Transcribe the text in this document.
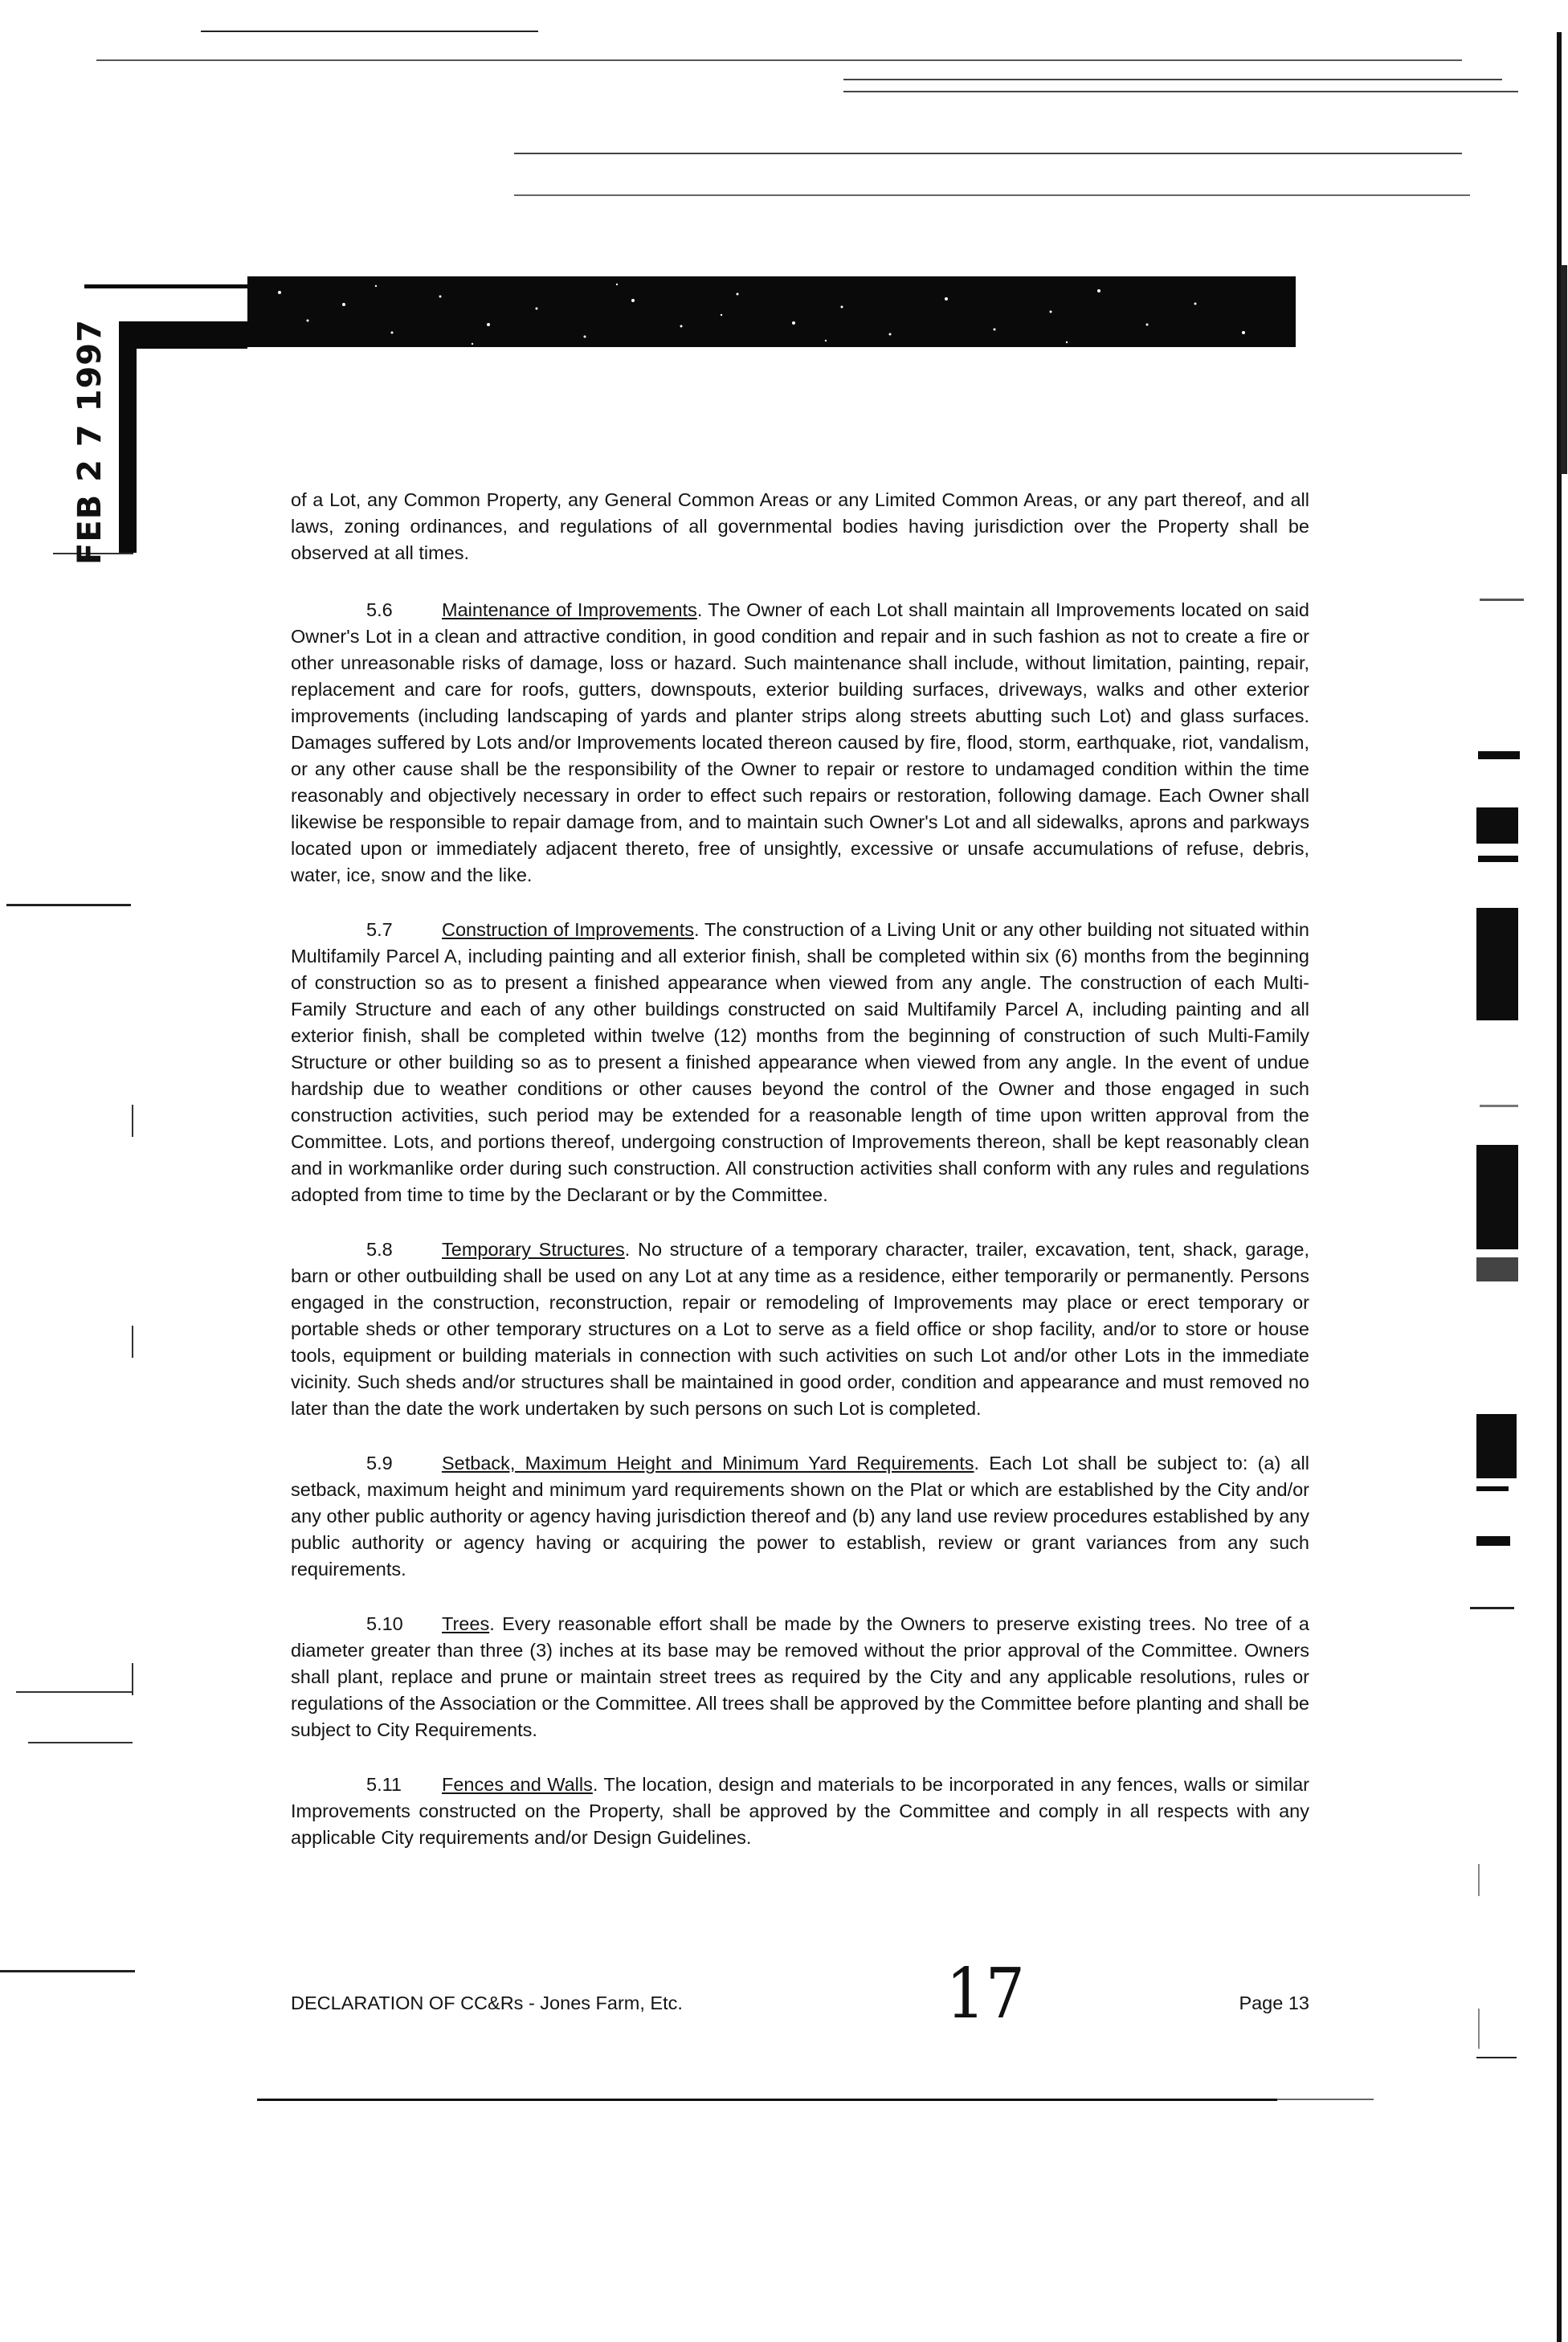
FEB 2 7 1997	of a Lot, any Common Property, any General Common Areas or any Limited Common Areas, or any part thereof, and all laws, zoning ordinances, and regulations of all governmental bodies having jurisdiction over the Property shall be observed at all times.

5.6	Maintenance of Improvements. The Owner of each Lot shall maintain all Improvements located on said Owner's Lot in a clean and attractive condition, in good condition and repair and in such fashion as not to create a fire or other unreasonable risks of damage, loss or hazard. Such maintenance shall include, without limitation, painting, repair, replacement and care for roofs, gutters, downspouts, exterior building surfaces, driveways, walks and other exterior improvements (including landscaping of yards and planter strips along streets abutting such Lot) and glass surfaces. Damages suffered by Lots and/or Improvements located thereon caused by fire, flood, storm, earthquake, riot, vandalism, or any other cause shall be the responsibility of the Owner to repair or restore to undamaged condition within the time reasonably and objectively necessary in order to effect such repairs or restoration, following damage. Each Owner shall likewise be responsible to repair damage from, and to maintain such Owner's Lot and all sidewalks, aprons and parkways located upon or immediately adjacent thereto, free of unsightly, excessive or unsafe accumulations of refuse, debris, water, ice, snow and the like.

5.7	Construction of Improvements. The construction of a Living Unit or any other building not situated within Multifamily Parcel A, including painting and all exterior finish, shall be completed within six (6) months from the beginning of construction so as to present a finished appearance when viewed from any angle. The construction of each Multi-Family Structure and each of any other buildings constructed on said Multifamily Parcel A, including painting and all exterior finish, shall be completed within twelve (12) months from the beginning of construction of such Multi-Family Structure or other building so as to present a finished appearance when viewed from any angle. In the event of undue hardship due to weather conditions or other causes beyond the control of the Owner and those engaged in such construction activities, such period may be extended for a reasonable length of time upon written approval from the Committee. Lots, and portions thereof, undergoing construction of Improvements thereon, shall be kept reasonably clean and in workmanlike order during such construction. All construction activities shall conform with any rules and regulations adopted from time to time by the Declarant or by the Committee.

5.8	Temporary Structures. No structure of a temporary character, trailer, excavation, tent, shack, garage, barn or other outbuilding shall be used on any Lot at any time as a residence, either temporarily or permanently. Persons engaged in the construction, reconstruction, repair or remodeling of Improvements may place or erect temporary or portable sheds or other temporary structures on a Lot to serve as a field office or shop facility, and/or to store or house tools, equipment or building materials in connection with such activities on such Lot and/or other Lots in the immediate vicinity. Such sheds and/or structures shall be maintained in good order, condition and appearance and must removed no later than the date the work undertaken by such persons on such Lot is completed.

5.9	Setback, Maximum Height and Minimum Yard Requirements. Each Lot shall be subject to: (a) all setback, maximum height and minimum yard requirements shown on the Plat or which are established by the City and/or any other public authority or agency having jurisdiction thereof and (b) any land use review procedures established by any public authority or agency having or acquiring the power to establish, review or grant variances from any such requirements.

5.10 Trees. Every reasonable effort shall be made by the Owners to preserve existing trees. No tree of a diameter greater than three (3) inches at its base may be removed without the prior approval of the Committee. Owners shall plant, replace and prune or maintain street trees as required by the City and any applicable resolutions, rules or regulations of the Association or the Committee. All trees shall be approved by the Committee before planting and shall be subject to City Requirements.

5.11 Fences and Walls. The location, design and materials to be incorporated in any fences, walls or similar Improvements constructed on the Property, shall be approved by the Committee and comply in all respects with any applicable City requirements and/or Design Guidelines.

DECLARATION OF CC&Rs - Jones Farm, Etc.	17	Page 13
